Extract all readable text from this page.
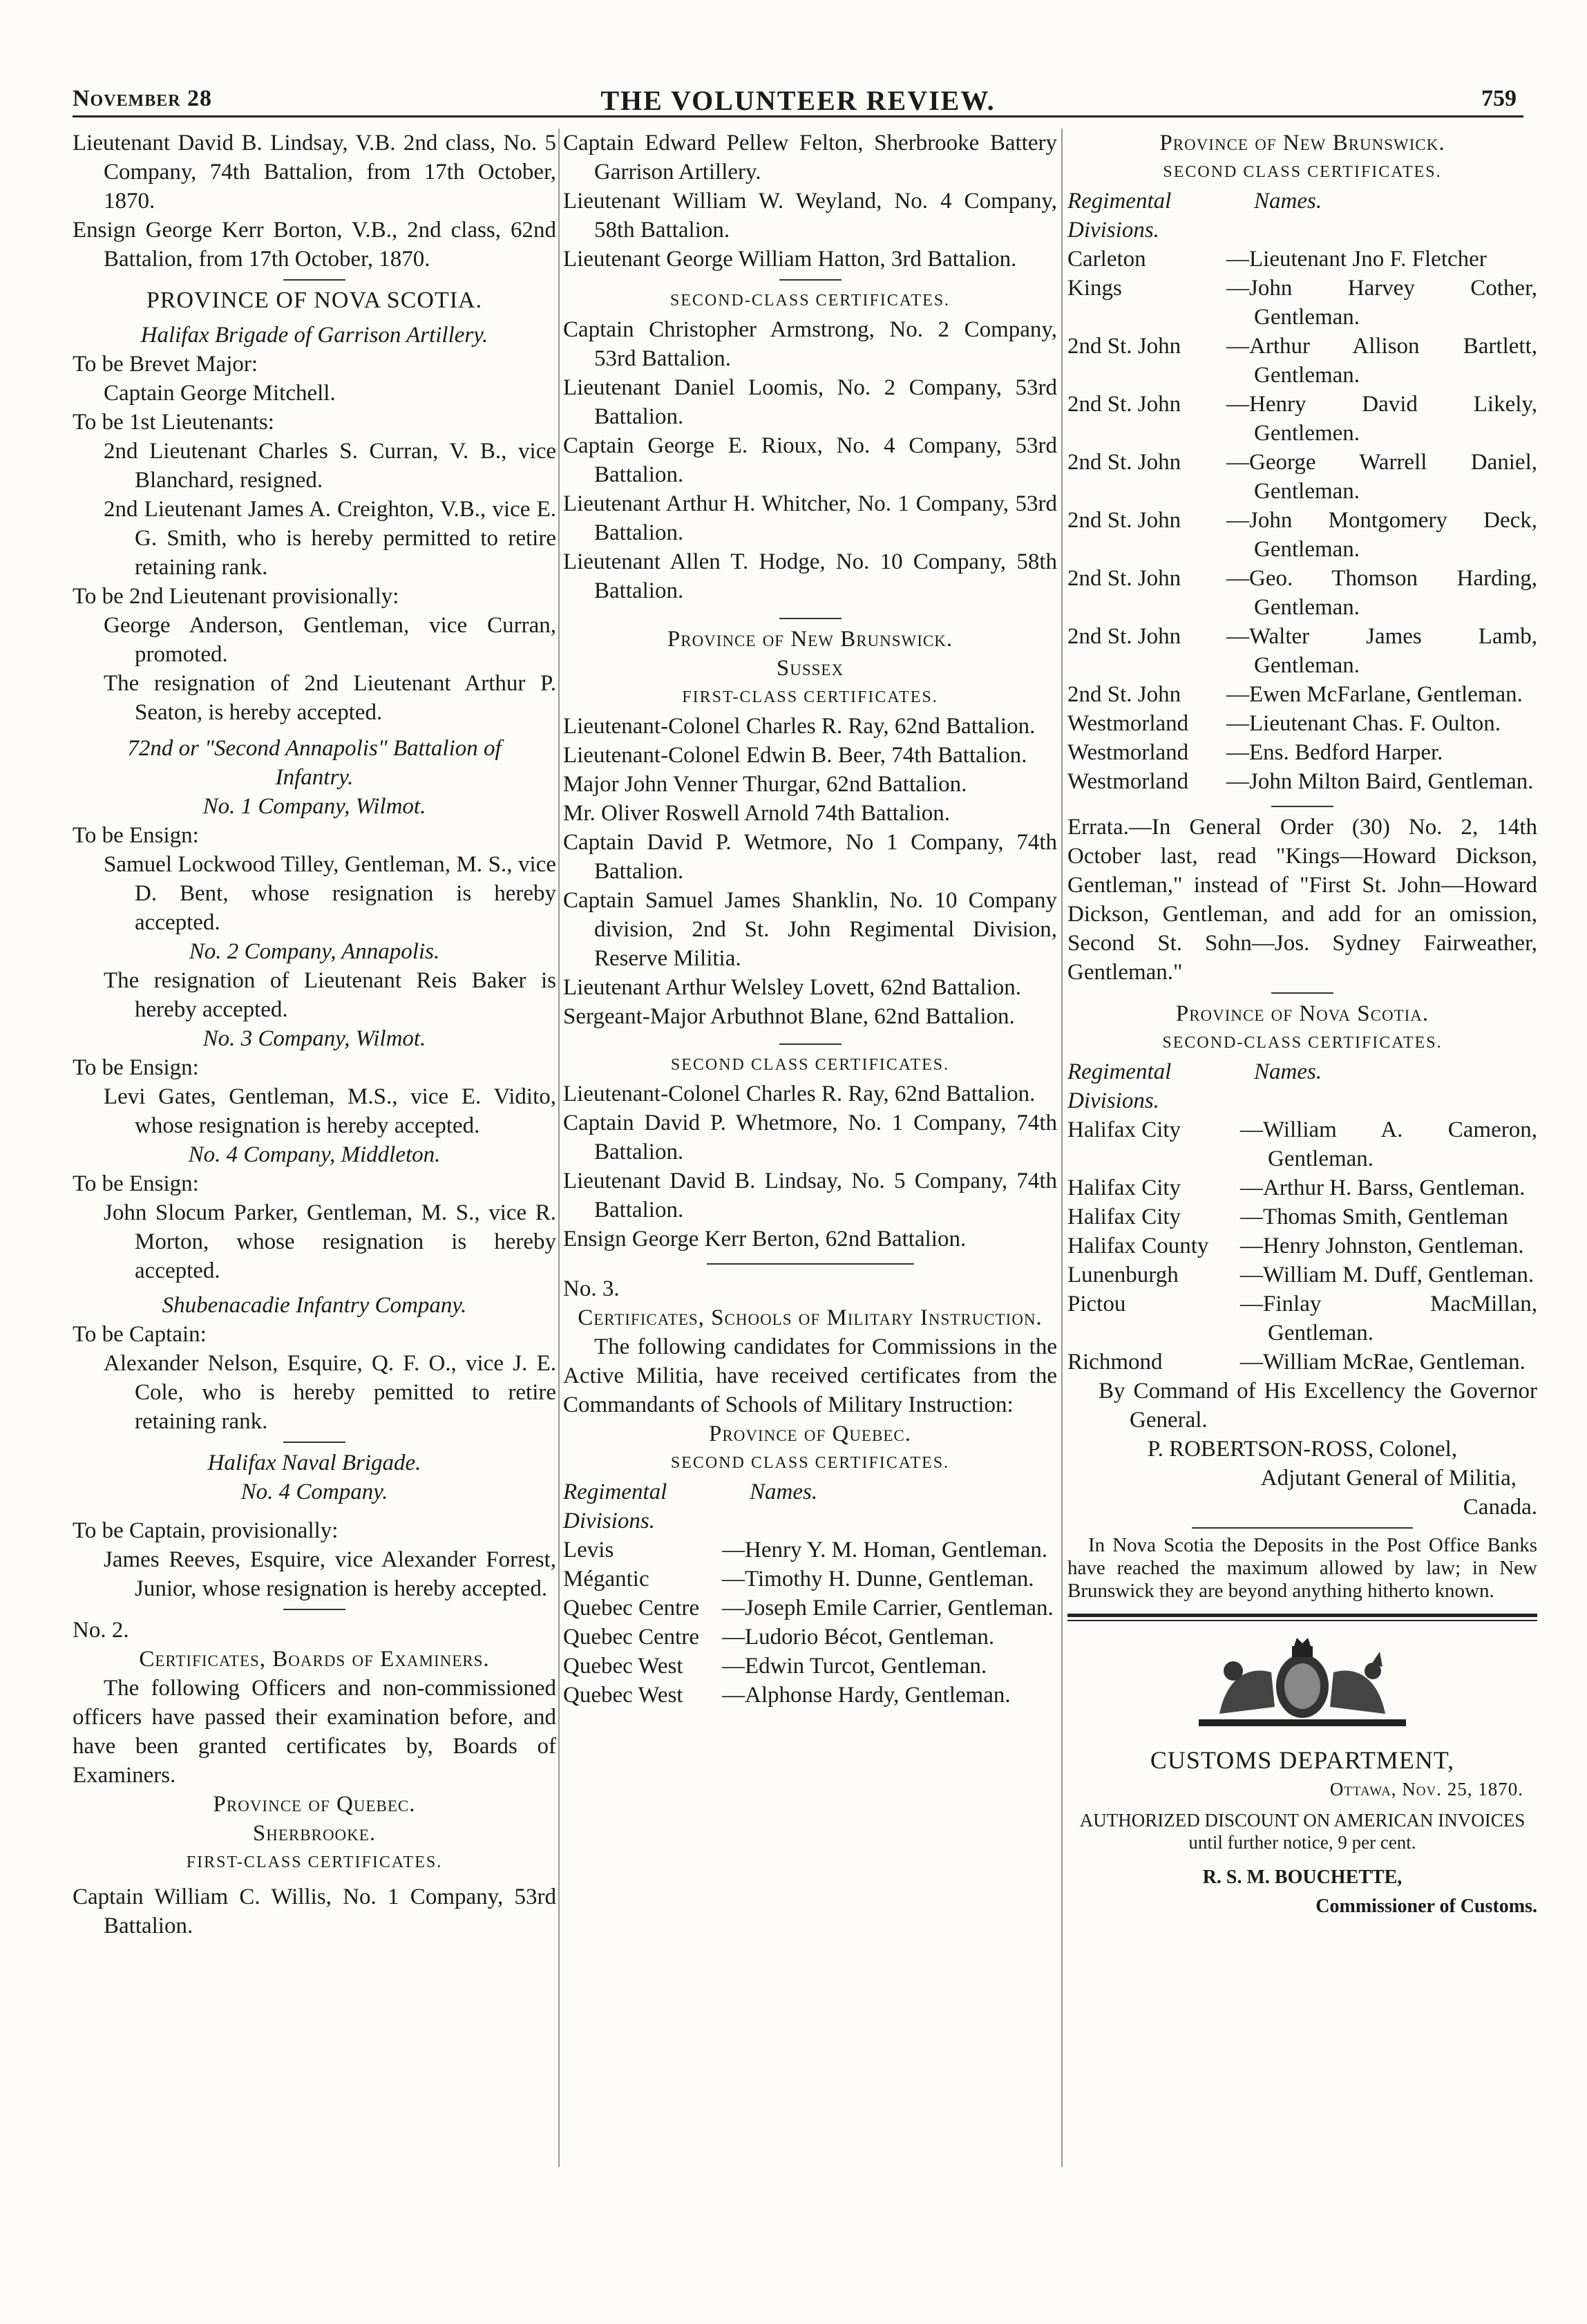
November 28	THE VOLUNTEER REVIEW.	759
Lieutenant David B. Lindsay, V.B. 2nd class, No. 5 Company, 74th Battalion, from 17th October, 1870.
Ensign George Kerr Borton, V.B., 2nd class, 62nd Battalion, from 17th October, 1870.
PROVINCE OF NOVA SCOTIA.
Halifax Brigade of Garrison Artillery.
To be Brevet Major:
Captain George Mitchell.
To be 1st Lieutenants:
2nd Lieutenant Charles S. Curran, V. B., vice Blanchard, resigned.
2nd Lieutenant James A. Creighton, V.B., vice E. G. Smith, who is hereby permitted to retire retaining rank.
To be 2nd Lieutenant provisionally:
George Anderson, Gentleman, vice Curran, promoted.
The resignation of 2nd Lieutenant Arthur P. Seaton, is hereby accepted.
72nd or "Second Annapolis" Battalion of Infantry.
No. 1 Company, Wilmot.
To be Ensign:
Samuel Lockwood Tilley, Gentleman, M. S., vice D. Bent, whose resignation is hereby accepted.
No. 2 Company, Annapolis.
The resignation of Lieutenant Reis Baker is hereby accepted.
No. 3 Company, Wilmot.
To be Ensign:
Levi Gates, Gentleman, M.S., vice E. Vidito, whose resignation is hereby accepted.
No. 4 Company, Middleton.
To be Ensign:
John Slocum Parker, Gentleman, M. S., vice R. Morton, whose resignation is hereby accepted.
Shubenacadie Infantry Company.
To be Captain:
Alexander Nelson, Esquire, Q. F. O., vice J. E. Cole, who is hereby pemitted to retire retaining rank.
Halifax Naval Brigade.
No. 4 Company.
To be Captain, provisionally:
James Reeves, Esquire, vice Alexander Forrest, Junior, whose resignation is hereby accepted.
No. 2.
Certificates, Boards of Examiners.
The following Officers and non-commissioned officers have passed their examination before, and have been granted certificates by, Boards of Examiners.
Province of Quebec.
Sherbrooke.
FIRST-CLASS CERTIFICATES.
Captain William C. Willis, No. 1 Company, 53rd Battalion.
Captain Edward Pellew Felton, Sherbrooke Battery Garrison Artillery.
Lieutenant William W. Weyland, No. 4 Company, 58th Battalion.
Lieutenant George William Hatton, 3rd Battalion.
SECOND-CLASS CERTIFICATES.
Captain Christopher Armstrong, No. 2 Company, 53rd Battalion.
Lieutenant Daniel Loomis, No. 2 Company, 53rd Battalion.
Captain George E. Rioux, No. 4 Company, 53rd Battalion.
Lieutenant Arthur H. Whitcher, No. 1 Company, 53rd Battalion.
Lieutenant Allen T. Hodge, No. 10 Company, 58th Battalion.
Province of New Brunswick.
Sussex
FIRST-CLASS CERTIFICATES.
Lieutenant-Colonel Charles R. Ray, 62nd Battalion.
Lieutenant-Colonel Edwin B. Beer, 74th Battalion.
Major John Venner Thurgar, 62nd Battalion.
Mr. Oliver Roswell Arnold 74th Battalion.
Captain David P. Wetmore, No 1 Company, 74th Battalion.
Captain Samuel James Shanklin, No. 10 Company division, 2nd St. John Regimental Division, Reserve Militia.
Lieutenant Arthur Welsley Lovett, 62nd Battalion.
Sergeant-Major Arbuthnot Blane, 62nd Battalion.
SECOND CLASS CERTIFICATES.
Lieutenant-Colonel Charles R. Ray, 62nd Battalion.
Captain David P. Whetmore, No. 1 Company, 74th Battalion.
Lieutenant David B. Lindsay, No. 5 Company, 74th Battalion.
Ensign George Kerr Berton, 62nd Battalion.
No. 3.
Certificates, Schools of Military Instruction.
The following candidates for Commissions in the Active Militia, have received certificates from the Commandants of Schools of Military Instruction:
Province of Quebec.
SECOND CLASS CERTIFICATES.
Regimental Divisions.
Names.
Levis	—Henry Y. M. Homan, Gentleman.
Mégantic	—Timothy H. Dunne, Gentleman.
Quebec Centre	—Joseph Emile Carrier, Gentleman.
Quebec Centre	—Ludorio Bécot, Gentleman.
Quebec West	—Edwin Turcot, Gentleman.
Quebec West	—Alphonse Hardy, Gentleman.
Province of New Brunswick.
SECOND CLASS CERTIFICATES.
Regimental Divisions.
Names.
Carleton	—Lieutenant Jno F. Fletcher
Kings	—John Harvey Cother, Gentleman.
2nd St. John	—Arthur Allison Bartlett, Gentleman.
2nd St. John	—Henry David Likely, Gentlemen.
2nd St. John	—George Warrell Daniel, Gentleman.
2nd St. John	—John Montgomery Deck, Gentleman.
2nd St. John	—Geo. Thomson Harding, Gentleman.
2nd St. John	—Walter James Lamb, Gentleman.
2nd St. John	—Ewen McFarlane, Gentleman.
Westmorland	—Lieutenant Chas. F. Oulton.
Westmorland	—Ens. Bedford Harper.
Westmorland	—John Milton Baird, Gentleman.
Errata.—In General Order (30) No. 2, 14th October last, read "Kings—Howard Dickson, Gentleman," instead of "First St. John—Howard Dickson, Gentleman, and add for an omission, Second St. Sohn—Jos. Sydney Fairweather, Gentleman."
Province of Nova Scotia.
SECOND-CLASS CERTIFICATES.
Regimental Divisions.
Names.
Halifax City	—William A. Cameron, Gentleman.
Halifax City	—Arthur H. Barss, Gentleman.
Halifax City	—Thomas Smith, Gentleman
Halifax County	—Henry Johnston, Gentleman.
Lunenburgh	—William M. Duff, Gentleman.
Pictou	—Finlay MacMillan, Gentleman.
Richmond	—William McRae, Gentleman.
By Command of His Excellency the Governor General.
P. ROBERTSON-ROSS, Colonel,
Adjutant General of Militia,
Canada.
In Nova Scotia the Deposits in the Post Office Banks have reached the maximum allowed by law; in New Brunswick they are beyond anything hitherto known.
CUSTOMS DEPARTMENT,
Ottawa, Nov. 25, 1870.
AUTHORIZED DISCOUNT ON AMERICAN INVOICES until further notice, 9 per cent.
R. S. M. BOUCHETTE,
Commissioner of Customs.
